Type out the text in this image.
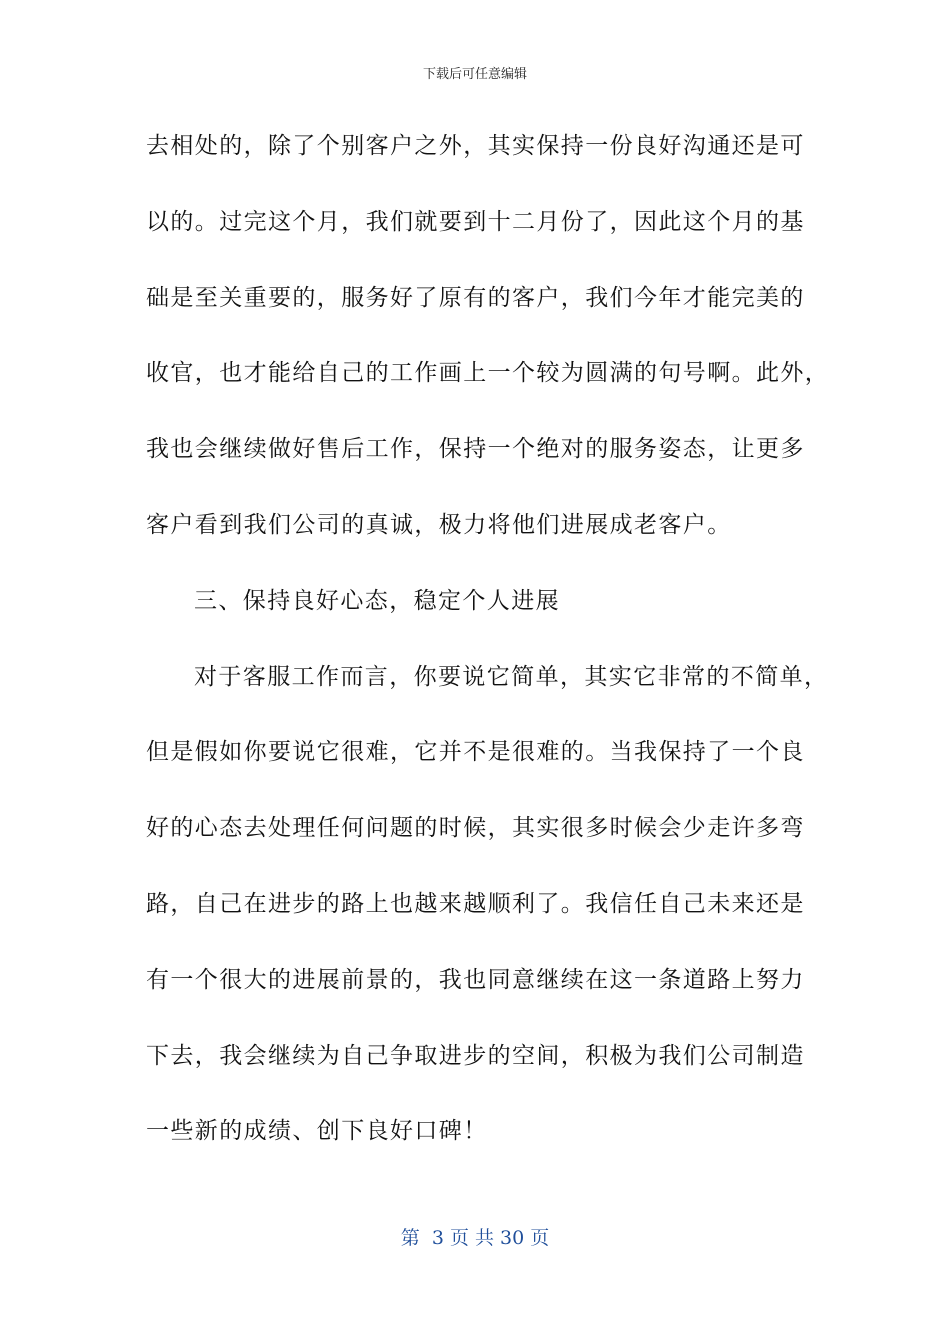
下载后可任意编辑
去相处的，除了个别客户之外，其实保持一份良好沟通还是可
以的。过完这个月，我们就要到十二月份了，因此这个月的基
础是至关重要的，服务好了原有的客户，我们今年才能完美的
收官，也才能给自己的工作画上一个较为圆满的句号啊。此外，
我也会继续做好售后工作，保持一个绝对的服务姿态，让更多
客户看到我们公司的真诚，极力将他们进展成老客户。
三、保持良好心态，稳定个人进展
对于客服工作而言，你要说它简单，其实它非常的不简单，
但是假如你要说它很难，它并不是很难的。当我保持了一个良
好的心态去处理任何问题的时候，其实很多时候会少走许多弯
路，自己在进步的路上也越来越顺利了。我信任自己未来还是
有一个很大的进展前景的，我也同意继续在这一条道路上努力
下去，我会继续为自己争取进步的空间，积极为我们公司制造
一些新的成绩、创下良好口碑！
第  3 页 共 30 页
